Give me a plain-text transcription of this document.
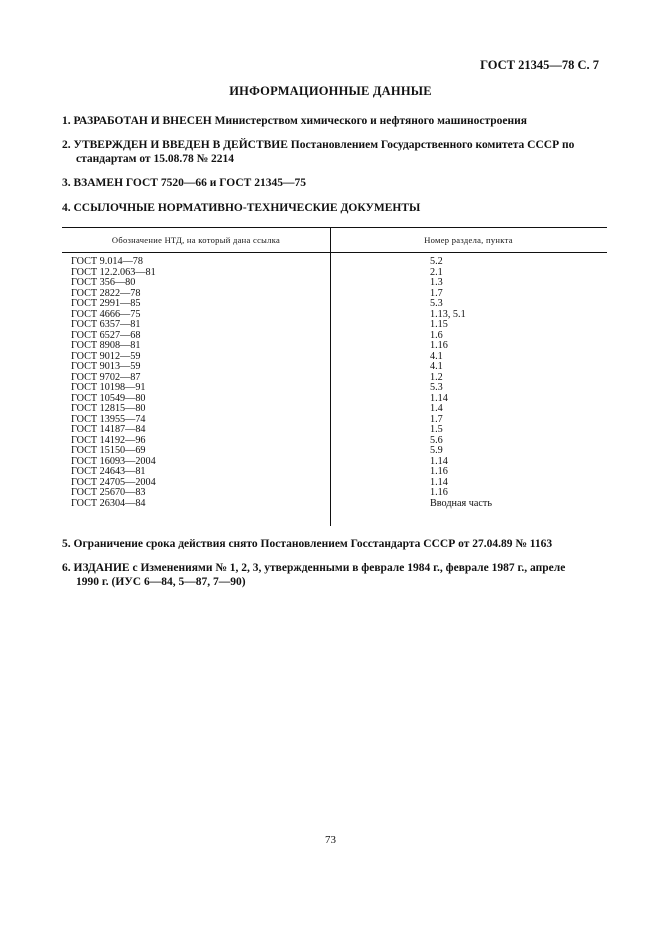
ГОСТ 21345—78 С. 7
ИНФОРМАЦИОННЫЕ ДАННЫЕ
1. РАЗРАБОТАН И ВНЕСЕН Министерством химического и нефтяного машиностроения
2. УТВЕРЖДЕН И ВВЕДЕН В ДЕЙСТВИЕ Постановлением Государственного комитета СССР по
стандартам от 15.08.78 № 2214
3. ВЗАМЕН ГОСТ 7520—66 и ГОСТ 21345—75
4. ССЫЛОЧНЫЕ НОРМАТИВНО-ТЕХНИЧЕСКИЕ ДОКУМЕНТЫ
Обозначение НТД, на который дана ссылка	Номер раздела, пункта
ГОСТ 9.014—78
ГОСТ 12.2.063—81
ГОСТ 356—80
ГОСТ 2822—78
ГОСТ 2991—85
ГОСТ 4666—75
ГОСТ 6357—81
ГОСТ 6527—68
ГОСТ 8908—81
ГОСТ 9012—59
ГОСТ 9013—59
ГОСТ 9702—87
ГОСТ 10198—91
ГОСТ 10549—80
ГОСТ 12815—80
ГОСТ 13955—74
ГОСТ 14187—84
ГОСТ 14192—96
ГОСТ 15150—69
ГОСТ 16093—2004
ГОСТ 24643—81
ГОСТ 24705—2004
ГОСТ 25670—83
ГОСТ 26304—84
5.2
2.1
1.3
1.7
5.3
1.13, 5.1
1.15
1.6
1.16
4.1
4.1
1.2
5.3
1.14
1.4
1.7
1.5
5.6
5.9
1.14
1.16
1.14
1.16
Вводная часть
5. Ограничение срока действия снято Постановлением Госстандарта СССР от 27.04.89 № 1163
6. ИЗДАНИЕ с Изменениями № 1, 2, 3, утвержденными в феврале 1984 г., феврале 1987 г., апреле
1990 г. (ИУС 6—84, 5—87, 7—90)
73
